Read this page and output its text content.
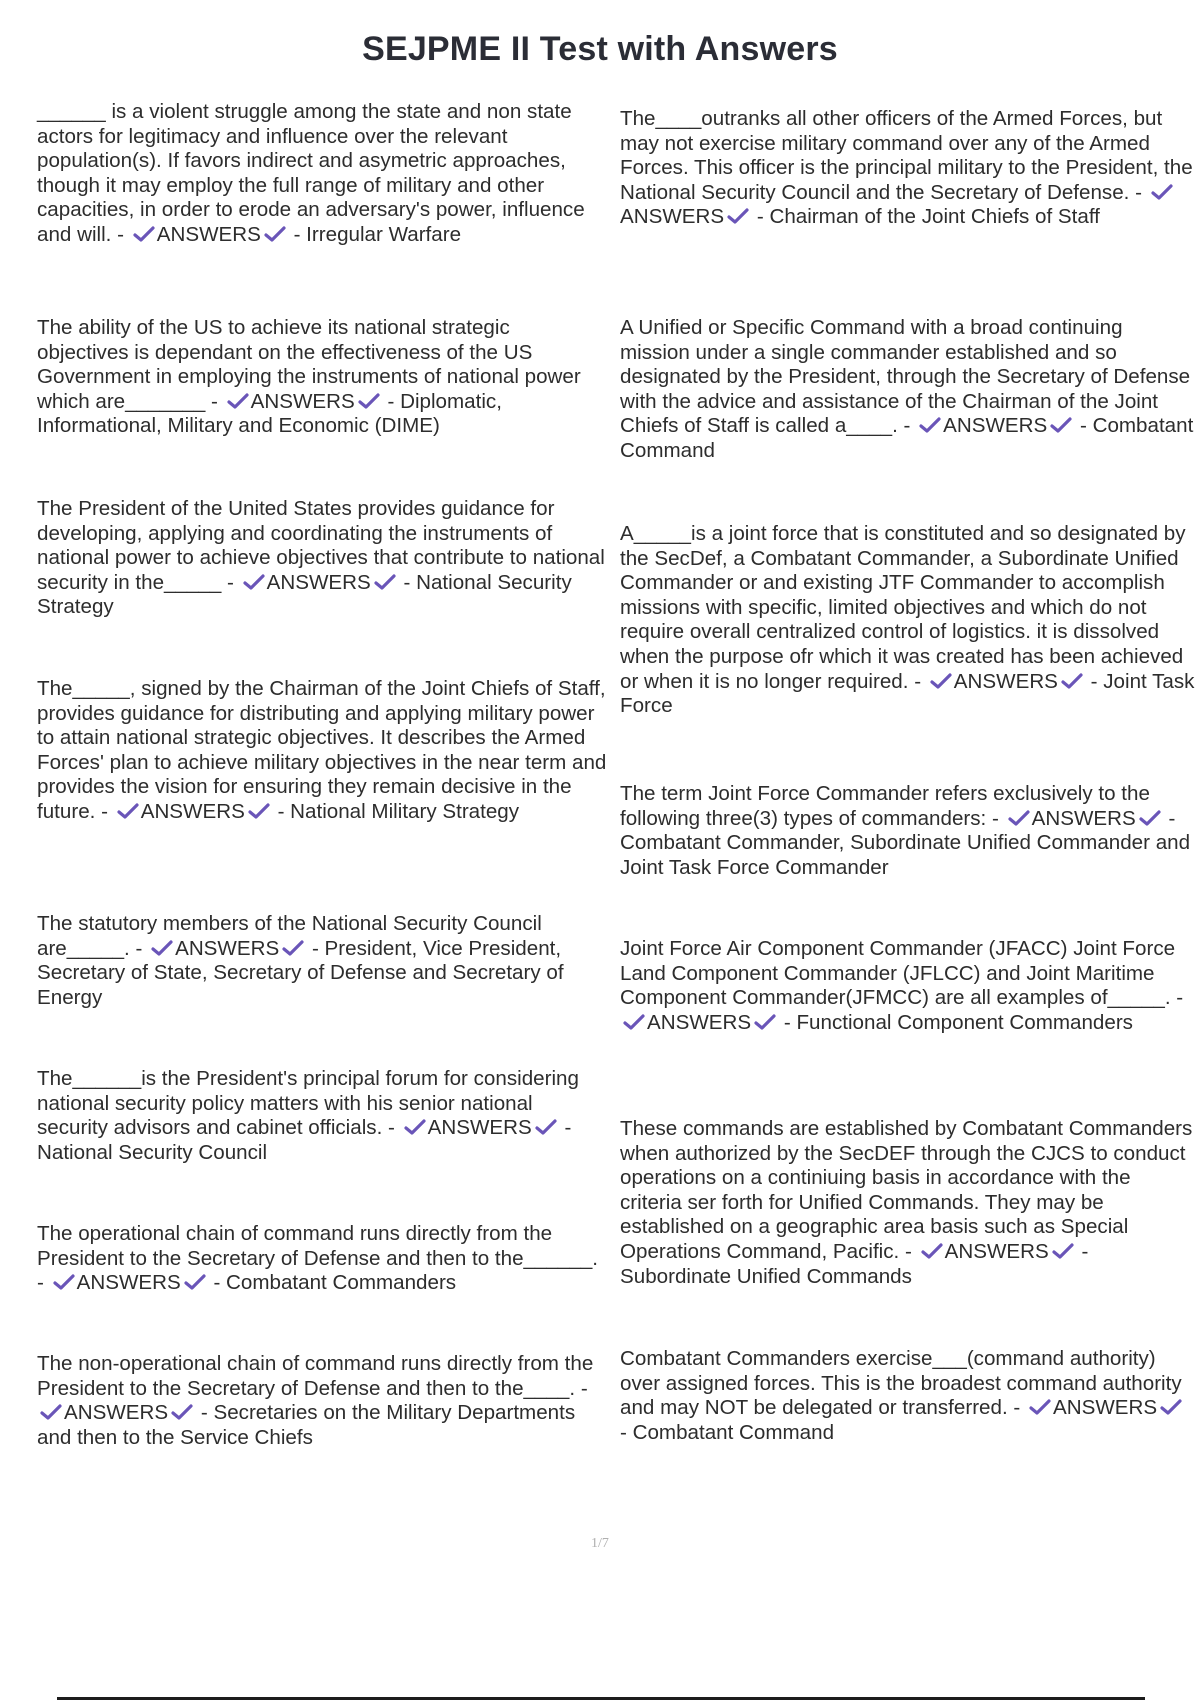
SEJPME II Test with Answers
______ is a violent struggle among the state and non state actors for legitimacy and influence over the relevant population(s). If favors indirect and asymetric approaches, though it may employ the full range of military and other capacities, in order to erode an adversary's power, influence and will. -
ANSWERS
- Irregular Warfare
The ability of the US to achieve its national strategic objectives is dependant on the effectiveness of the US Government in employing the instruments of national power which are_______ -
ANSWERS
- Diplomatic, Informational, Military and Economic (DIME)
The President of the United States provides guidance for developing, applying and coordinating the instruments of national power to achieve objectives that contribute to national security in the_____ -
ANSWERS
- National Security Strategy
The_____, signed by the Chairman of the Joint Chiefs of Staff, provides guidance for distributing and applying military power to attain national strategic objectives. It describes the Armed Forces' plan to achieve military objectives in the near term and provides the vision for ensuring they remain decisive in the future. -
ANSWERS
- National Military Strategy
The statutory members of the National Security Council are_____. -
ANSWERS
- President, Vice President, Secretary of State, Secretary of Defense and Secretary of Energy
The______is the President's principal forum for considering national security policy matters with his senior national security advisors and cabinet officials. -
ANSWERS
- National Security Council
The operational chain of command runs directly from the President to the Secretary of Defense and then to the______. -
ANSWERS
- Combatant Commanders
The non-operational chain of command runs directly from the President to the Secretary of Defense and then to the____. -
ANSWERS
- Secretaries on the Military Departments and then to the Service Chiefs
The____outranks all other officers of the Armed Forces, but may not exercise military command over any of the Armed Forces. This officer is the principal military to the President, the National Security Council and the Secretary of Defense. -
ANSWERS
- Chairman of the Joint Chiefs of Staff
A Unified or Specific Command with a broad continuing mission under a single commander established and so designated by the President, through the Secretary of Defense with the advice and assistance of the Chairman of the Joint Chiefs of Staff is called a____. -
ANSWERS
- Combatant Command
A_____is a joint force that is constituted and so designated by the SecDef, a Combatant Commander, a Subordinate Unified Commander or and existing JTF Commander to accomplish missions with specific, limited objectives and which do not require overall centralized control of logistics. it is dissolved when the purpose ofr which it was created has been achieved or when it is no longer required. -
ANSWERS
- Joint Task Force
The term Joint Force Commander refers exclusively to the following three(3) types of commanders: -
ANSWERS
- Combatant Commander, Subordinate Unified Commander and Joint Task Force Commander
Joint Force Air Component Commander (JFACC) Joint Force Land Component Commander (JFLCC) and Joint Maritime Component Commander(JFMCC) are all examples of_____. -
ANSWERS
- Functional Component Commanders
These commands are established by Combatant Commanders when authorized by the SecDEF through the CJCS to conduct operations on a continiuing basis in accordance with the criteria ser forth for Unified Commands. They may be established on a geographic area basis such as Special Operations Command, Pacific. -
ANSWERS
- Subordinate Unified Commands
Combatant Commanders exercise___(command authority) over assigned forces. This is the broadest command authority and may NOT be delegated or transferred. -
ANSWERS
- Combatant Command
1/7
